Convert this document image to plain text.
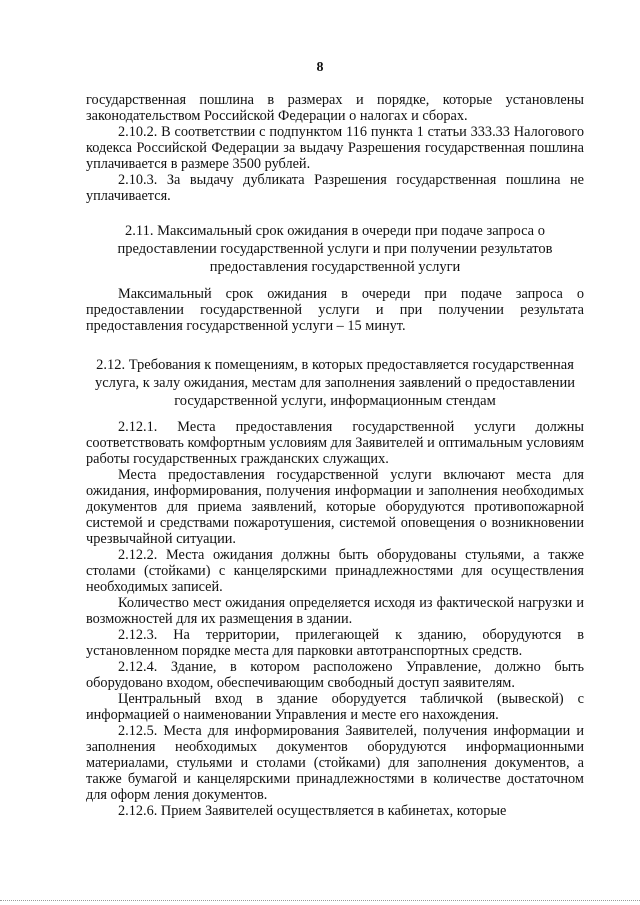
8

государственная пошлина в размерах и порядке, которые установлены законодательством Российской Федерации о налогах и сборах.

2.10.2. В соответствии с подпунктом 116 пункта 1 статьи 333.33 Налогового кодекса Российской Федерации за выдачу Разрешения государственная пошлина уплачивается в размере 3500 рублей.

2.10.3. За выдачу дубликата Разрешения государственная пошлина не уплачивается.

2.11. Максимальный срок ожидания в очереди при подаче запроса о предоставлении государственной услуги и при получении результатов предоставления государственной услуги
Максимальный срок ожидания в очереди при подаче запроса о предоставлении государственной услуги и при получении результата предоставления государственной услуги – 15 минут.
2.12. Требования к помещениям, в которых предоставляется государственная услуга, к залу ожидания, местам для заполнения заявлений о предоставлении государственной услуги, информационным стендам

2.12.1. Места предоставления государственной услуги должны соответствовать комфортным условиям для Заявителей и оптимальным условиям работы государственных гражданских служащих.

Места предоставления государственной услуги включают места для ожидания, информирования, получения информации и заполнения необходимых документов для приема заявлений, которые оборудуются противопожарной системой и средствами пожаротушения, системой оповещения о возникновении чрезвычайной ситуации.

2.12.2. Места ожидания должны быть оборудованы стульями, а также столами (стойками) с канцелярскими принадлежностями для осуществления необходимых записей.

Количество мест ожидания определяется исходя из фактической нагрузки и возможностей для их размещения в здании.

2.12.3. На территории, прилегающей к зданию, оборудуются в установленном порядке места для парковки автотранспортных средств.

2.12.4. Здание, в котором расположено Управление, должно быть оборудовано входом, обеспечивающим свободный доступ заявителям.

Центральный вход в здание оборудуется табличкой (вывеской) с информацией о наименовании Управления и месте его нахождения.

2.12.5. Места для информирования Заявителей, получения информации и заполнения необходимых документов оборудуются информационными материалами, стульями и столами (стойками) для заполнения документов, а также бумагой и канцелярскими принадлежностями в количестве достаточном для оформ ления документов.

2.12.6. Прием Заявителей осуществляется в кабинетах, которые
